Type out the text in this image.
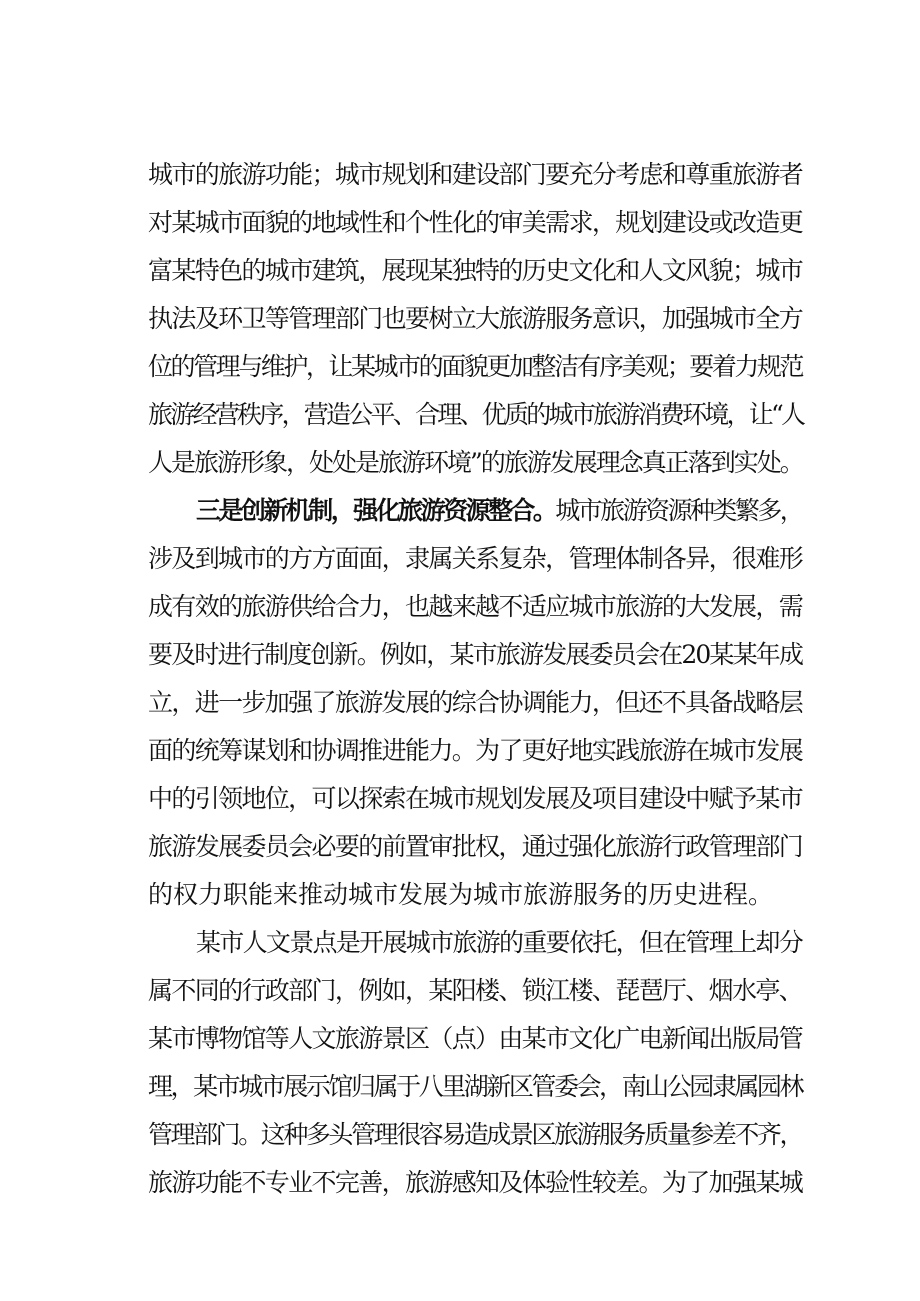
城市的旅游功能；城市规划和建设部门要充分考虑和尊重旅游者
对某城市面貌的地域性和个性化的审美需求，规划建设或改造更
富某特色的城市建筑，展现某独特的历史文化和人文风貌；城市
执法及环卫等管理部门也要树立大旅游服务意识，加强城市全方
位的管理与维护，让某城市的面貌更加整洁有序美观；要着力规范
旅游经营秩序，营造公平、合理、优质的城市旅游消费环境，让“人
人是旅游形象，处处是旅游环境”的旅游发展理念真正落到实处。
三是创新机制，强化旅游资源整合。城市旅游资源种类繁多，
涉及到城市的方方面面，隶属关系复杂，管理体制各异，很难形
成有效的旅游供给合力，也越来越不适应城市旅游的大发展，需
要及时进行制度创新。例如，某市旅游发展委员会在20某某年成
立，进一步加强了旅游发展的综合协调能力，但还不具备战略层
面的统筹谋划和协调推进能力。为了更好地实践旅游在城市发展
中的引领地位，可以探索在城市规划发展及项目建设中赋予某市
旅游发展委员会必要的前置审批权，通过强化旅游行政管理部门
的权力职能来推动城市发展为城市旅游服务的历史进程。
某市人文景点是开展城市旅游的重要依托，但在管理上却分
属不同的行政部门，例如，某阳楼、锁江楼、琵琶厅、烟水亭、
某市博物馆等人文旅游景区（点）由某市文化广电新闻出版局管
理，某市城市展示馆归属于八里湖新区管委会，南山公园隶属园林
管理部门。这种多头管理很容易造成景区旅游服务质量参差不齐，
旅游功能不专业不完善，旅游感知及体验性较差。为了加强某城
